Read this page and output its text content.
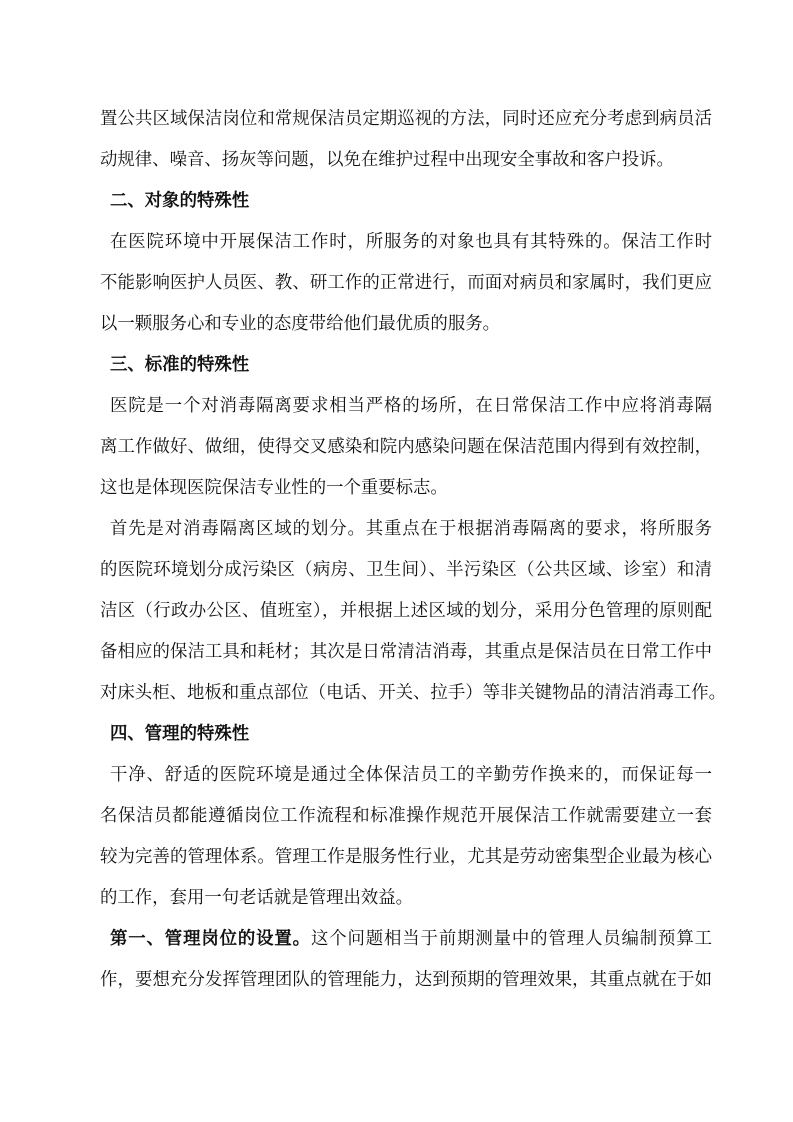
置公共区域保洁岗位和常规保洁员定期巡视的方法，同时还应充分考虑到病员活
动规律、噪音、扬灰等问题，以免在维护过程中出现安全事故和客户投诉。
二、对象的特殊性
在医院环境中开展保洁工作时，所服务的对象也具有其特殊的。保洁工作时
不能影响医护人员医、教、研工作的正常进行，而面对病员和家属时，我们更应
以一颗服务心和专业的态度带给他们最优质的服务。
三、标准的特殊性
医院是一个对消毒隔离要求相当严格的场所，在日常保洁工作中应将消毒隔
离工作做好、做细，使得交叉感染和院内感染问题在保洁范围内得到有效控制，
这也是体现医院保洁专业性的一个重要标志。
首先是对消毒隔离区域的划分。其重点在于根据消毒隔离的要求，将所服务
的医院环境划分成污染区（病房、卫生间）、半污染区（公共区域、诊室）和清
洁区（行政办公区、值班室），并根据上述区域的划分，采用分色管理的原则配
备相应的保洁工具和耗材；其次是日常清洁消毒，其重点是保洁员在日常工作中
对床头柜、地板和重点部位（电话、开关、拉手）等非关键物品的清洁消毒工作。
四、管理的特殊性
干净、舒适的医院环境是通过全体保洁员工的辛勤劳作换来的，而保证每一
名保洁员都能遵循岗位工作流程和标准操作规范开展保洁工作就需要建立一套
较为完善的管理体系。管理工作是服务性行业，尤其是劳动密集型企业最为核心
的工作，套用一句老话就是管理出效益。
第一、管理岗位的设置。这个问题相当于前期测量中的管理人员编制预算工
作，要想充分发挥管理团队的管理能力，达到预期的管理效果，其重点就在于如
